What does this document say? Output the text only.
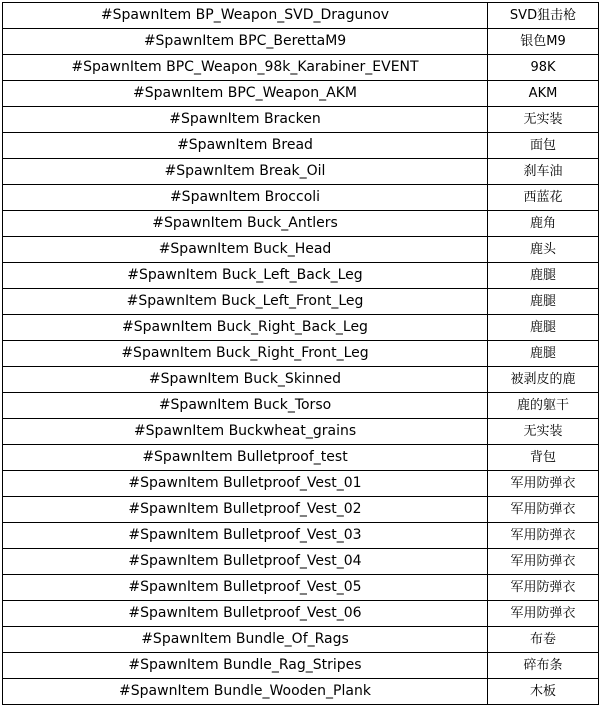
#SpawnItem BP_Weapon_SVD_Dragunov	SVD狙击枪
#SpawnItem BPC_BerettaM9	银色M9
#SpawnItem BPC_Weapon_98k_Karabiner_EVENT	98K
#SpawnItem BPC_Weapon_AKM	AKM
#SpawnItem Bracken	无实装
#SpawnItem Bread	面包
#SpawnItem Break_Oil	刹车油
#SpawnItem Broccoli	西蓝花
#SpawnItem Buck_Antlers	鹿角
#SpawnItem Buck_Head	鹿头
#SpawnItem Buck_Left_Back_Leg	鹿腿
#SpawnItem Buck_Left_Front_Leg	鹿腿
#SpawnItem Buck_Right_Back_Leg	鹿腿
#SpawnItem Buck_Right_Front_Leg	鹿腿
#SpawnItem Buck_Skinned	被剥皮的鹿
#SpawnItem Buck_Torso	鹿的躯干
#SpawnItem Buckwheat_grains	无实装
#SpawnItem Bulletproof_test	背包
#SpawnItem Bulletproof_Vest_01	军用防弹衣
#SpawnItem Bulletproof_Vest_02	军用防弹衣
#SpawnItem Bulletproof_Vest_03	军用防弹衣
#SpawnItem Bulletproof_Vest_04	军用防弹衣
#SpawnItem Bulletproof_Vest_05	军用防弹衣
#SpawnItem Bulletproof_Vest_06	军用防弹衣
#SpawnItem Bundle_Of_Rags	布卷
#SpawnItem Bundle_Rag_Stripes	碎布条
#SpawnItem Bundle_Wooden_Plank	木板
